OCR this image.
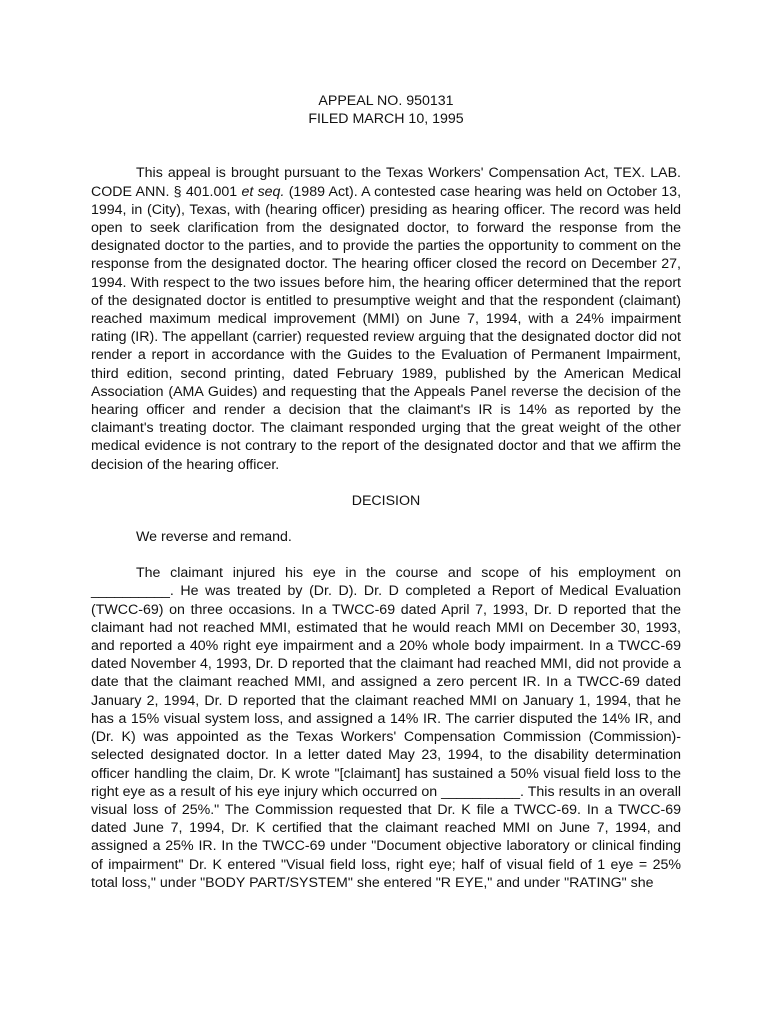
APPEAL NO. 950131

FILED MARCH 10, 1995

This appeal is brought pursuant to the Texas Workers' Compensation Act, TEX. LAB. CODE ANN. § 401.001 et seq. (1989 Act). A contested case hearing was held on October 13, 1994, in (City), Texas, with (hearing officer) presiding as hearing officer. The record was held open to seek clarification from the designated doctor, to forward the response from the designated doctor to the parties, and to provide the parties the opportunity to comment on the response from the designated doctor. The hearing officer closed the record on December 27, 1994. With respect to the two issues before him, the hearing officer determined that the report of the designated doctor is entitled to presumptive weight and that the respondent (claimant) reached maximum medical improvement (MMI) on June 7, 1994, with a 24% impairment rating (IR). The appellant (carrier) requested review arguing that the designated doctor did not render a report in accordance with the Guides to the Evaluation of Permanent Impairment, third edition, second printing, dated February 1989, published by the American Medical Association (AMA Guides) and requesting that the Appeals Panel reverse the decision of the hearing officer and render a decision that the claimant's IR is 14% as reported by the claimant's treating doctor. The claimant responded urging that the great weight of the other medical evidence is not contrary to the report of the designated doctor and that we affirm the decision of the hearing officer.

DECISION

We reverse and remand.

The claimant injured his eye in the course and scope of his employment on __________. He was treated by (Dr. D). Dr. D completed a Report of Medical Evaluation (TWCC-69) on three occasions. In a TWCC-69 dated April 7, 1993, Dr. D reported that the claimant had not reached MMI, estimated that he would reach MMI on December 30, 1993, and reported a 40% right eye impairment and a 20% whole body impairment. In a TWCC-69 dated November 4, 1993, Dr. D reported that the claimant had reached MMI, did not provide a date that the claimant reached MMI, and assigned a zero percent IR. In a TWCC-69 dated January 2, 1994, Dr. D reported that the claimant reached MMI on January 1, 1994, that he has a 15% visual system loss, and assigned a 14% IR. The carrier disputed the 14% IR, and (Dr. K) was appointed as the Texas Workers' Compensation Commission (Commission)-selected designated doctor. In a letter dated May 23, 1994, to the disability determination officer handling the claim, Dr. K wrote "[claimant] has sustained a 50% visual field loss to the right eye as a result of his eye injury which occurred on __________. This results in an overall visual loss of 25%." The Commission requested that Dr. K file a TWCC-69. In a TWCC-69 dated June 7, 1994, Dr. K certified that the claimant reached MMI on June 7, 1994, and assigned a 25% IR. In the TWCC-69 under "Document objective laboratory or clinical finding of impairment" Dr. K entered "Visual field loss, right eye; half of visual field of 1 eye = 25% total loss," under "BODY PART/SYSTEM" she entered "R EYE," and under "RATING" she
